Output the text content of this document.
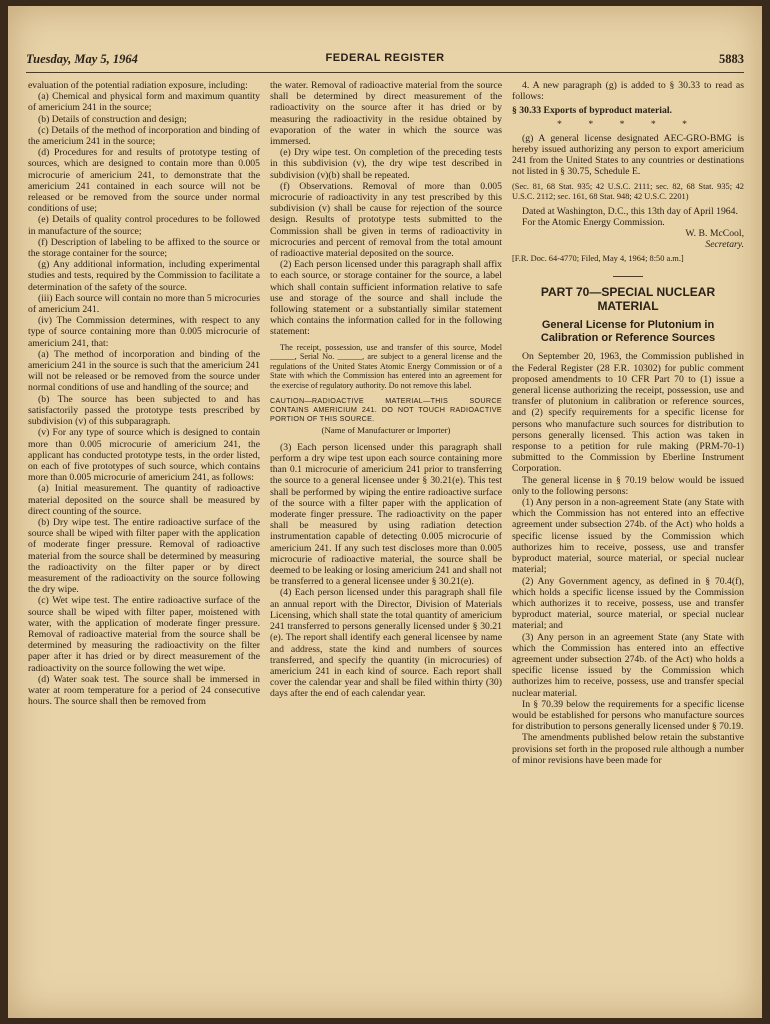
Tuesday, May 5, 1964	FEDERAL REGISTER	5883

evaluation of the potential radiation exposure, including:

(a) Chemical and physical form and maximum quantity of americium 241 in the source;

(b) Details of construction and design;

(c) Details of the method of incorporation and binding of the americium 241 in the source;

(d) Procedures for and results of prototype testing of sources, which are designed to contain more than 0.005 microcurie of americium 241, to demonstrate that the americium 241 contained in each source will not be released or be removed from the source under normal conditions of use;

(e) Details of quality control procedures to be followed in manufacture of the source;

(f) Description of labeling to be affixed to the source or the storage container for the source;

(g) Any additional information, including experimental studies and tests, required by the Commission to facilitate a determination of the safety of the source.

(iii) Each source will contain no more than 5 microcuries of americium 241.

(iv) The Commission determines, with respect to any type of source containing more than 0.005 microcurie of americium 241, that:

(a) The method of incorporation and binding of the americium 241 in the source is such that the americium 241 will not be released or be removed from the source under normal conditions of use and handling of the source; and

(b) The source has been subjected to and has satisfactorily passed the prototype tests prescribed by subdivision (v) of this subparagraph.

(v) For any type of source which is designed to contain more than 0.005 microcurie of americium 241, the applicant has conducted prototype tests, in the order listed, on each of five prototypes of such source, which contains more than 0.005 microcurie of americium 241, as follows:

(a) Initial measurement. The quantity of radioactive material deposited on the source shall be measured by direct counting of the source.

(b) Dry wipe test. The entire radioactive surface of the source shall be wiped with filter paper with the application of moderate finger pressure. Removal of radioactive material from the source shall be determined by measuring the radioactivity on the filter paper or by direct measurement of the radioactivity on the source following the dry wipe.

(c) Wet wipe test. The entire radioactive surface of the source shall be wiped with filter paper, moistened with water, with the application of moderate finger pressure. Removal of radioactive material from the source shall be determined by measuring the radioactivity on the filter paper after it has dried or by direct measurement of the radioactivity on the source following the wet wipe.

(d) Water soak test. The source shall be immersed in water at room temperature for a period of 24 consecutive hours. The source shall then be removed from

the water. Removal of radioactive material from the source shall be determined by direct measurement of the radioactivity on the source after it has dried or by measuring the radioactivity in the residue obtained by evaporation of the water in which the source was immersed.

(e) Dry wipe test. On completion of the preceding tests in this subdivision (v), the dry wipe test described in subdivision (v)(b) shall be repeated.

(f) Observations. Removal of more than 0.005 microcurie of radioactivity in any test prescribed by this subdivision (v) shall be cause for rejection of the source design. Results of prototype tests submitted to the Commission shall be given in terms of radioactivity in microcuries and percent of removal from the total amount of radioactive material deposited on the source.

(2) Each person licensed under this paragraph shall affix to each source, or storage container for the source, a label which shall contain sufficient information relative to safe use and storage of the source and shall include the following statement or a substantially similar statement which contains the information called for in the following statement:

The receipt, possession, use and transfer of this source, Model ______, Serial No. ______, are subject to a general license and the regulations of the United States Atomic Energy Commission or of a State with which the Commission has entered into an agreement for the exercise of regulatory authority. Do not remove this label.

CAUTION—RADIOACTIVE MATERIAL—THIS SOURCE CONTAINS AMERICIUM 241. DO NOT TOUCH RADIOACTIVE PORTION OF THIS SOURCE.

(Name of Manufacturer or Importer)

(3) Each person licensed under this paragraph shall perform a dry wipe test upon each source containing more than 0.1 microcurie of americium 241 prior to transferring the source to a general licensee under § 30.21(e). This test shall be performed by wiping the entire radioactive surface of the source with a filter paper with the application of moderate finger pressure. The radioactivity on the paper shall be measured by using radiation detection instrumentation capable of detecting 0.005 microcurie of americium 241. If any such test discloses more than 0.005 microcurie of radioactive material, the source shall be deemed to be leaking or losing americium 241 and shall not be transferred to a general licensee under § 30.21(e).

(4) Each person licensed under this paragraph shall file an annual report with the Director, Division of Materials Licensing, which shall state the total quantity of americium 241 transferred to persons generally licensed under § 30.21 (e). The report shall identify each general licensee by name and address, state the kind and numbers of sources transferred, and specify the quantity (in microcuries) of americium 241 in each kind of source. Each report shall cover the calendar year and shall be filed within thirty (30) days after the end of each calendar year.

4. A new paragraph (g) is added to § 30.33 to read as follows:

§ 30.33 Exports of byproduct material.

* * * * *

(g) A general license designated AEC-GRO-BMG is hereby issued authorizing any person to export americium 241 from the United States to any countries or destinations not listed in § 30.75, Schedule E.

(Sec. 81, 68 Stat. 935; 42 U.S.C. 2111; sec. 82, 68 Stat. 935; 42 U.S.C. 2112; sec. 161, 68 Stat. 948; 42 U.S.C. 2201)

Dated at Washington, D.C., this 13th day of April 1964.

For the Atomic Energy Commission.

W. B. McCool,

Secretary.

[F.R. Doc. 64-4770; Filed, May 4, 1964; 8:50 a.m.]

PART 70—SPECIAL NUCLEAR MATERIAL
General License for Plutonium in Calibration or Reference Sources

On September 20, 1963, the Commission published in the Federal Register (28 F.R. 10302) for public comment proposed amendments to 10 CFR Part 70 to (1) issue a general license authorizing the receipt, possession, use and transfer of plutonium in calibration or reference sources, and (2) specify requirements for a specific license for persons who manufacture such sources for distribution to persons generally licensed. This action was taken in response to a petition for rule making (PRM-70-1) submitted to the Commission by Eberline Instrument Corporation.

The general license in § 70.19 below would be issued only to the following persons:

(1) Any person in a non-agreement State (any State with which the Commission has not entered into an effective agreement under subsection 274b. of the Act) who holds a specific license issued by the Commission which authorizes him to receive, possess, use and transfer byproduct material, source material, or special nuclear material;

(2) Any Government agency, as defined in § 70.4(f), which holds a specific license issued by the Commission which authorizes it to receive, possess, use and transfer byproduct material, source material, or special nuclear material; and

(3) Any person in an agreement State (any State with which the Commission has entered into an effective agreement under subsection 274b. of the Act) who holds a specific license issued by the Commission which authorizes him to receive, possess, use and transfer special nuclear material.

In § 70.39 below the requirements for a specific license would be established for persons who manufacture sources for distribution to persons generally licensed under § 70.19.

The amendments published below retain the substantive provisions set forth in the proposed rule although a number of minor revisions have been made for
